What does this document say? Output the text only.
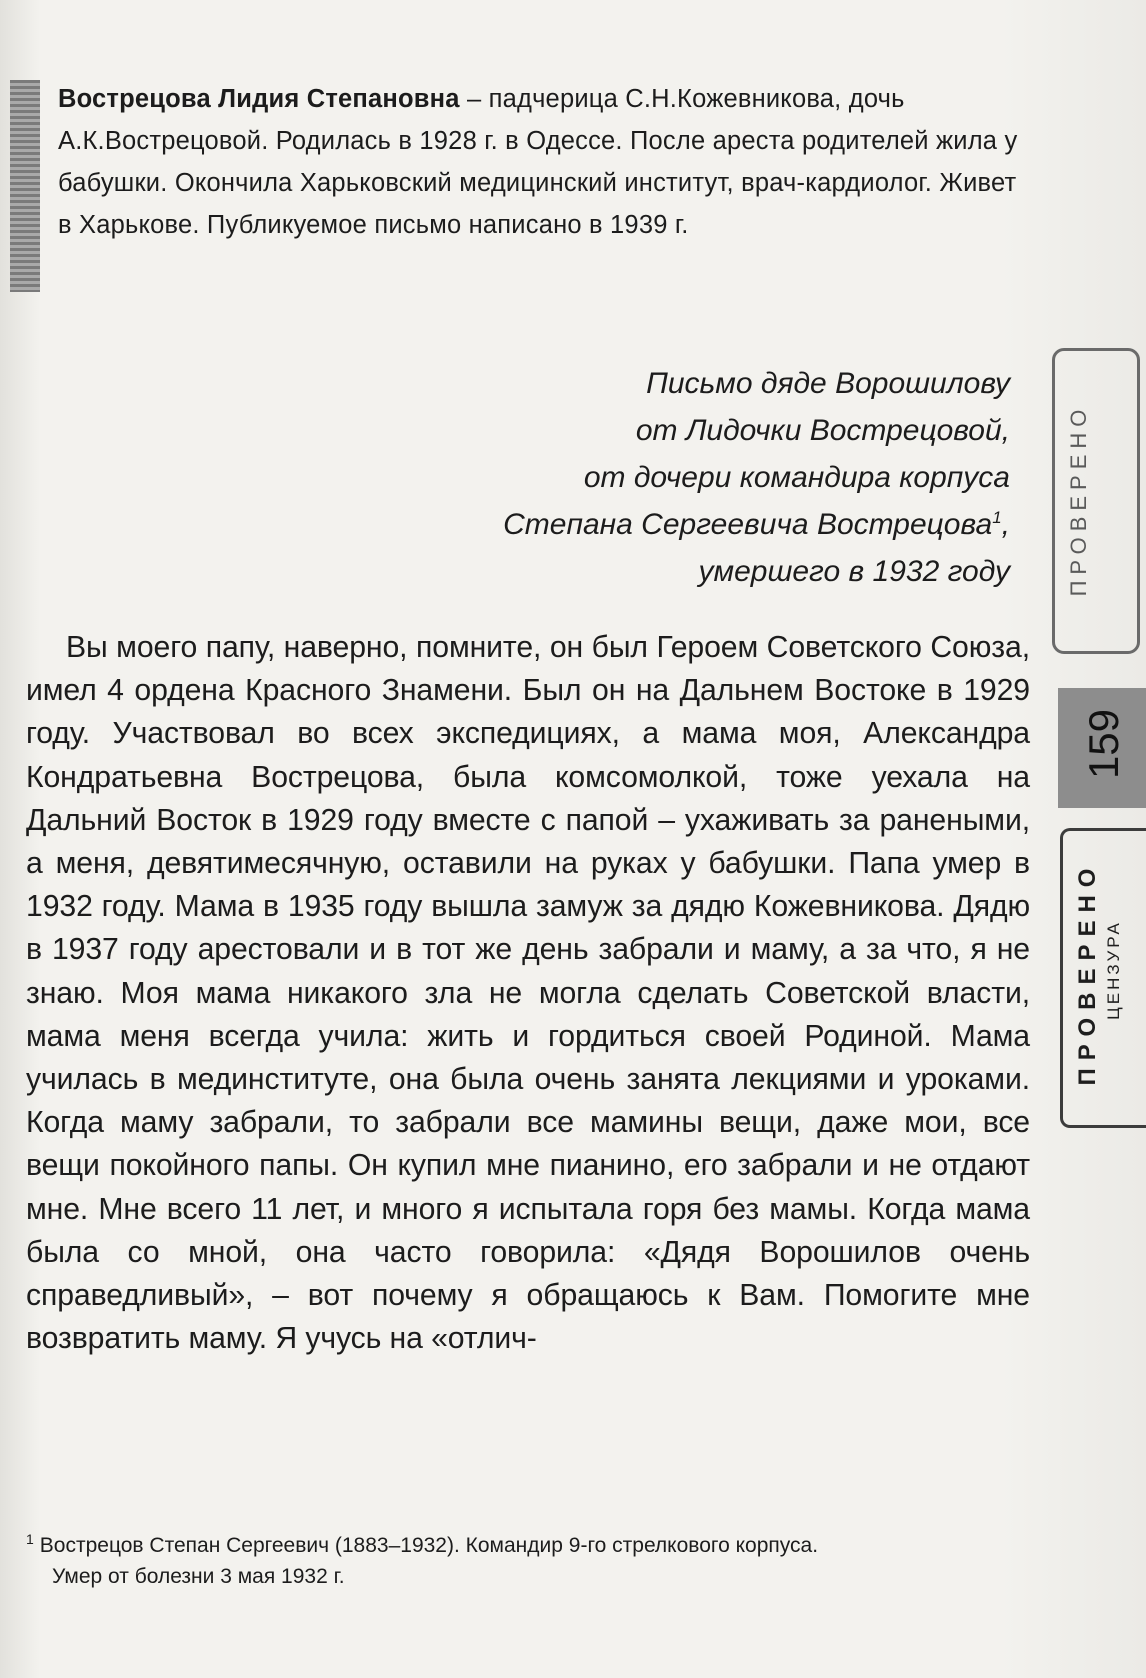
Вострецова Лидия Степановна – падчерица С.Н.Кожевникова, дочь А.К.Вострецовой. Родилась в 1928 г. в Одессе. После ареста родителей жила у бабушки. Окончила Харьковский медицинский институт, врач-кардиолог. Живет в Харькове. Публикуемое письмо написано в 1939 г.
Письмо дяде Ворошилову
от Лидочки Вострецовой,
от дочери командира корпуса
Степана Сергеевича Вострецова$^1$,
умершего в 1932 году
Вы моего папу, наверно, помните, он был Героем Советского Союза, имел 4 ордена Красного Знамени. Был он на Дальнем Востоке в 1929 году. Участвовал во всех экспедициях, а мама моя, Александра Кондратьевна Вострецова, была комсомолкой, тоже уехала на Дальний Восток в 1929 году вместе с папой – ухаживать за ранеными, а меня, девятимесячную, оставили на руках у бабушки. Папа умер в 1932 году. Мама в 1935 году вышла замуж за дядю Кожевникова. Дядю в 1937 году арестовали и в тот же день забрали и маму, а за что, я не знаю. Моя мама никакого зла не могла сделать Советской власти, мама меня всегда учила: жить и гордиться своей Родиной. Мама училась в мединституте, она была очень занята лекциями и уроками. Когда маму забрали, то забрали все мамины вещи, даже мои, все вещи покойного папы. Он купил мне пианино, его забрали и не отдают мне. Мне всего 11 лет, и много я испытала горя без мамы. Когда мама была со мной, она часто говорила: «Дядя Ворошилов очень справедливый», – вот почему я обращаюсь к Вам. Помогите мне возвратить маму. Я учусь на «отлич-
$^1$ Вострецов Степан Сергеевич (1883–1932). Командир 9-го стрелкового корпуса.
Умер от болезни 3 мая 1932 г.
ПРОВЕРЕНО
159
ПРОВЕРЕНО ЦЕНЗУРА
